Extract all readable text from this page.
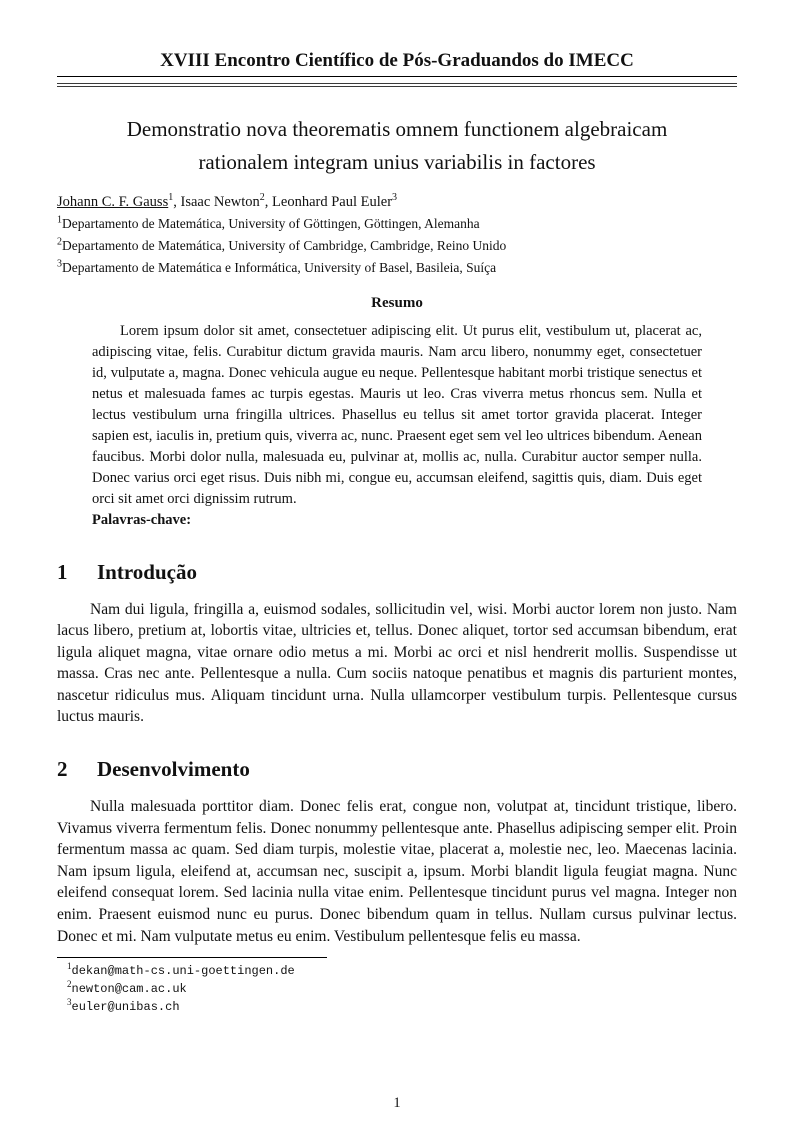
XVIII Encontro Científico de Pós-Graduandos do IMECC
Demonstratio nova theorematis omnem functionem algebraicam rationalem integram unius variabilis in factores
Johann C. F. Gauss$^1$, Isaac Newton$^2$, Leonhard Paul Euler$^3$
$^1$Departamento de Matemática, University of Göttingen, Göttingen, Alemanha
$^2$Departamento de Matemática, University of Cambridge, Cambridge, Reino Unido
$^3$Departamento de Matemática e Informática, University of Basel, Basileia, Suíça
Resumo
Lorem ipsum dolor sit amet, consectetuer adipiscing elit. Ut purus elit, vestibulum ut, placerat ac, adipiscing vitae, felis. Curabitur dictum gravida mauris. Nam arcu libero, nonummy eget, consectetuer id, vulputate a, magna. Donec vehicula augue eu neque. Pellentesque habitant morbi tristique senectus et netus et malesuada fames ac turpis egestas. Mauris ut leo. Cras viverra metus rhoncus sem. Nulla et lectus vestibulum urna fringilla ultrices. Phasellus eu tellus sit amet tortor gravida placerat. Integer sapien est, iaculis in, pretium quis, viverra ac, nunc. Praesent eget sem vel leo ultrices bibendum. Aenean faucibus. Morbi dolor nulla, malesuada eu, pulvinar at, mollis ac, nulla. Curabitur auctor semper nulla. Donec varius orci eget risus. Duis nibh mi, congue eu, accumsan eleifend, sagittis quis, diam. Duis eget orci sit amet orci dignissim rutrum.
Palavras-chave:
1 Introdução
Nam dui ligula, fringilla a, euismod sodales, sollicitudin vel, wisi. Morbi auctor lorem non justo. Nam lacus libero, pretium at, lobortis vitae, ultricies et, tellus. Donec aliquet, tortor sed accumsan bibendum, erat ligula aliquet magna, vitae ornare odio metus a mi. Morbi ac orci et nisl hendrerit mollis. Suspendisse ut massa. Cras nec ante. Pellentesque a nulla. Cum sociis natoque penatibus et magnis dis parturient montes, nascetur ridiculus mus. Aliquam tincidunt urna. Nulla ullamcorper vestibulum turpis. Pellentesque cursus luctus mauris.
2 Desenvolvimento
Nulla malesuada porttitor diam. Donec felis erat, congue non, volutpat at, tincidunt tristique, libero. Vivamus viverra fermentum felis. Donec nonummy pellentesque ante. Phasellus adipiscing semper elit. Proin fermentum massa ac quam. Sed diam turpis, molestie vitae, placerat a, molestie nec, leo. Maecenas lacinia. Nam ipsum ligula, eleifend at, accumsan nec, suscipit a, ipsum. Morbi blandit ligula feugiat magna. Nunc eleifend consequat lorem. Sed lacinia nulla vitae enim. Pellentesque tincidunt purus vel magna. Integer non enim. Praesent euismod nunc eu purus. Donec bibendum quam in tellus. Nullam cursus pulvinar lectus. Donec et mi. Nam vulputate metus eu enim. Vestibulum pellentesque felis eu massa.
$^1$dekan@math-cs.uni-goettingen.de
$^2$newton@cam.ac.uk
$^3$euler@unibas.ch
1
